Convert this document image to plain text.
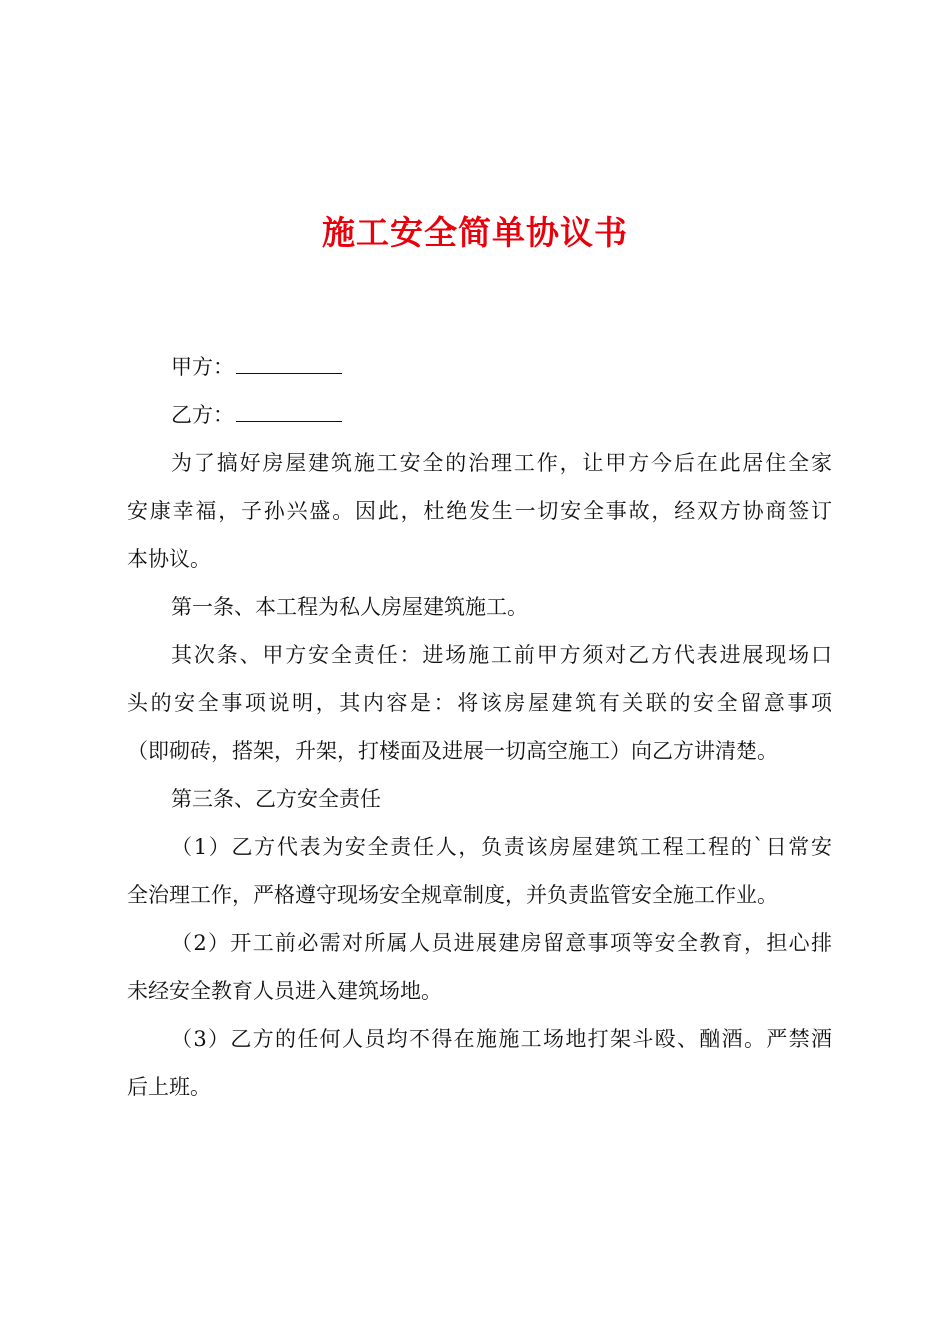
施工安全简单协议书

甲方：

乙方：

为了搞好房屋建筑施工安全的治理工作，让甲方今后在此居住全家

安康幸福，子孙兴盛。因此，杜绝发生一切安全事故，经双方协商签订

本协议。

第一条、本工程为私人房屋建筑施工。

其次条、甲方安全责任：进场施工前甲方须对乙方代表进展现场口

头的安全事项说明，其内容是：将该房屋建筑有关联的安全留意事项

（即砌砖，搭架，升架，打楼面及进展一切高空施工）向乙方讲清楚。

第三条、乙方安全责任

（1）乙方代表为安全责任人，负责该房屋建筑工程工程的`日常安

全治理工作，严格遵守现场安全规章制度，并负责监管安全施工作业。

（2）开工前必需对所属人员进展建房留意事项等安全教育，担心排

未经安全教育人员进入建筑场地。

（3）乙方的任何人员均不得在施施工场地打架斗殴、酗酒。严禁酒

后上班。
